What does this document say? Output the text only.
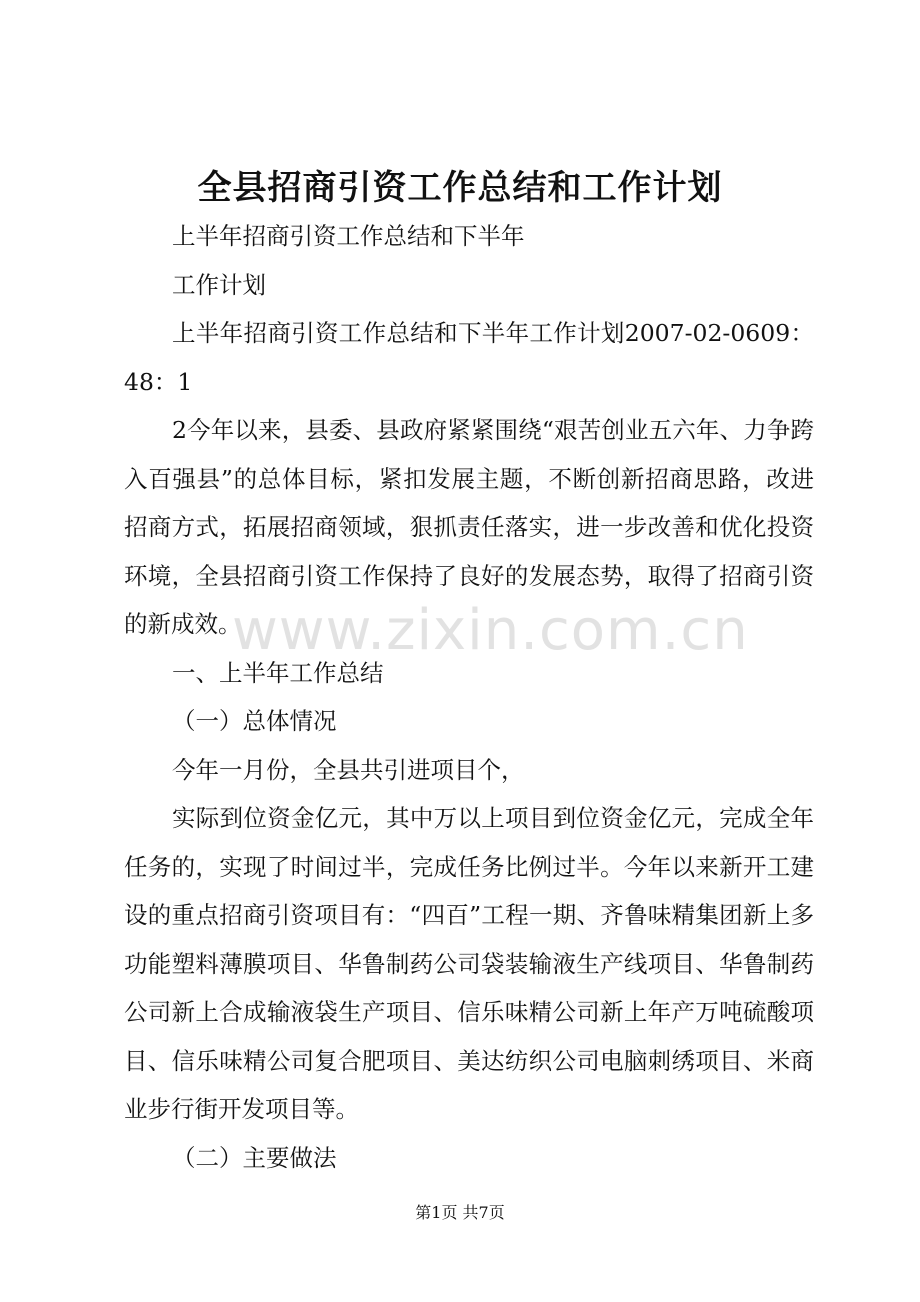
www.zixin.com.cn
全县招商引资工作总结和工作计划

上半年招商引资工作总结和下半年

工作计划

上半年招商引资工作总结和下半年工作计划2007-02-0609：48：1

2今年以来，县委、县政府紧紧围绕“艰苦创业五六年、力争跨入百强县”的总体目标，紧扣发展主题，不断创新招商思路，改进招商方式，拓展招商领域，狠抓责任落实，进一步改善和优化投资环境，全县招商引资工作保持了良好的发展态势，取得了招商引资的新成效。

一、上半年工作总结

（一）总体情况

今年一月份，全县共引进项目个，

实际到位资金亿元，其中万以上项目到位资金亿元，完成全年任务的，实现了时间过半，完成任务比例过半。今年以来新开工建设的重点招商引资项目有：“四百”工程一期、齐鲁味精集团新上多功能塑料薄膜项目、华鲁制药公司袋装输液生产线项目、华鲁制药公司新上合成输液袋生产项目、信乐味精公司新上年产万吨硫酸项目、信乐味精公司复合肥项目、美达纺织公司电脑刺绣项目、米商业步行街开发项目等。

（二）主要做法

第1页 共7页
